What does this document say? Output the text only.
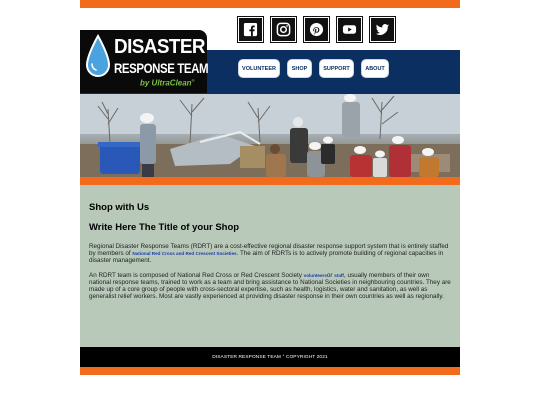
DISASTER
RESPONSE TEAM
by UltraClean®
VOLUNTEER	SHOP	SUPPORT	ABOUT
Shop with Us
Write Here The Title of your Shop

Regional Disaster Response Teams (RDRT) are a cost-effective regional disaster response support system that is entirely staffed by members of National Red Cross and Red Crescent Societies. The aim of RDRTs is to actively promote building of regional capacities in disaster management.

An RDRT team is composed of National Red Cross or Red Crescent Society volunteersor staff, usually members of their own national response teams, trained to work as a team and bring assistance to National Societies in neighbouring countries. They are made up of a core group of people with cross-sectoral expertise, such as health, logistics, water and sanitation, as well as generalist relief workers. Most are vastly experienced at providing disaster response in their own countries as well as regionally.

DISASTER RESPONSE TEAM ° COPYRIGHT 2021
